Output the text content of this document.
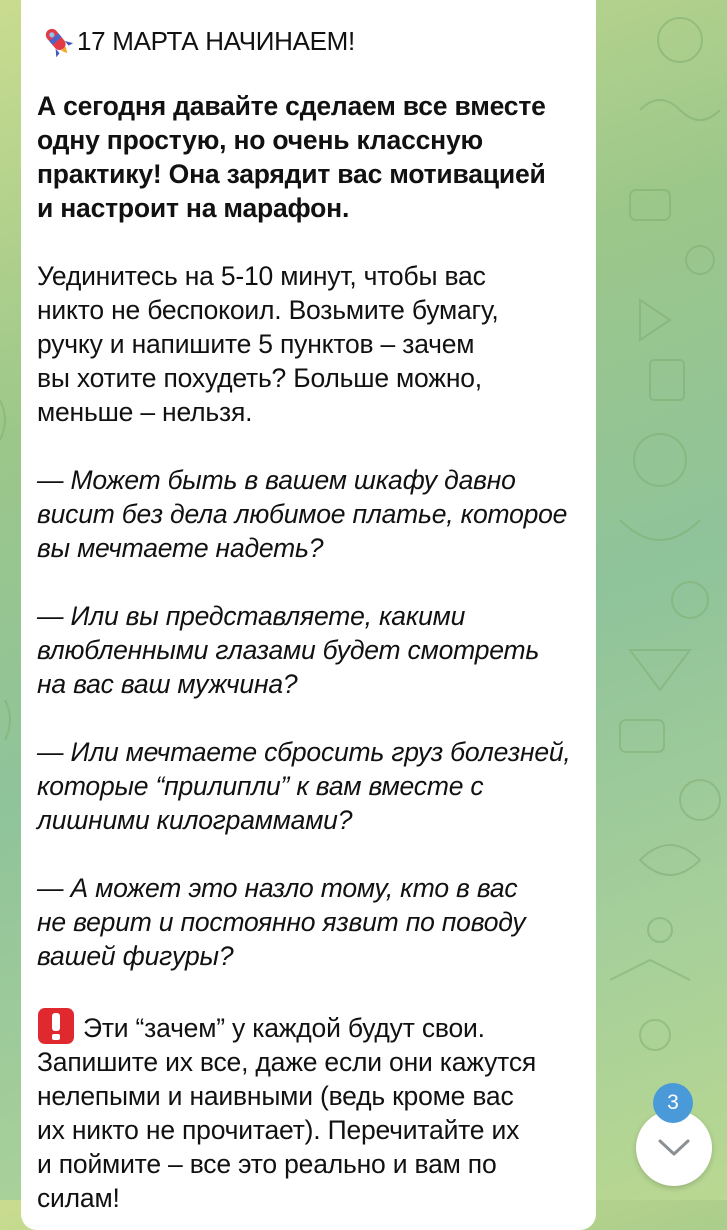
17 МАРТА НАЧИНАЕМ!

А сегодня давайте сделаем все вместе

одну простую, но очень классную

практику! Она зарядит вас мотивацией

и настроит на марафон.

Уединитесь на 5-10 минут, чтобы вас

никто не беспокоил. Возьмите бумагу,

ручку и напишите 5 пунктов – зачем

вы хотите похудеть? Больше можно,

меньше – нельзя.

— Может быть в вашем шкафу давно

висит без дела любимое платье, которое

вы мечтаете надеть?

— Или вы представляете, какими

влюбленными глазами будет смотреть

на вас ваш мужчина?

— Или мечтаете сбросить груз болезней,

которые “прилипли” к вам вместе с

лишними килограммами?

— А может это назло тому, кто в вас

не верит и постоянно язвит по поводу

вашей фигуры?

Эти “зачем” у каждой будут свои.

Запишите их все, даже если они кажутся

нелепыми и наивными (ведь кроме вас

их никто не прочитает). Перечитайте их

и поймите – все это реально и вам по

силам!

3
